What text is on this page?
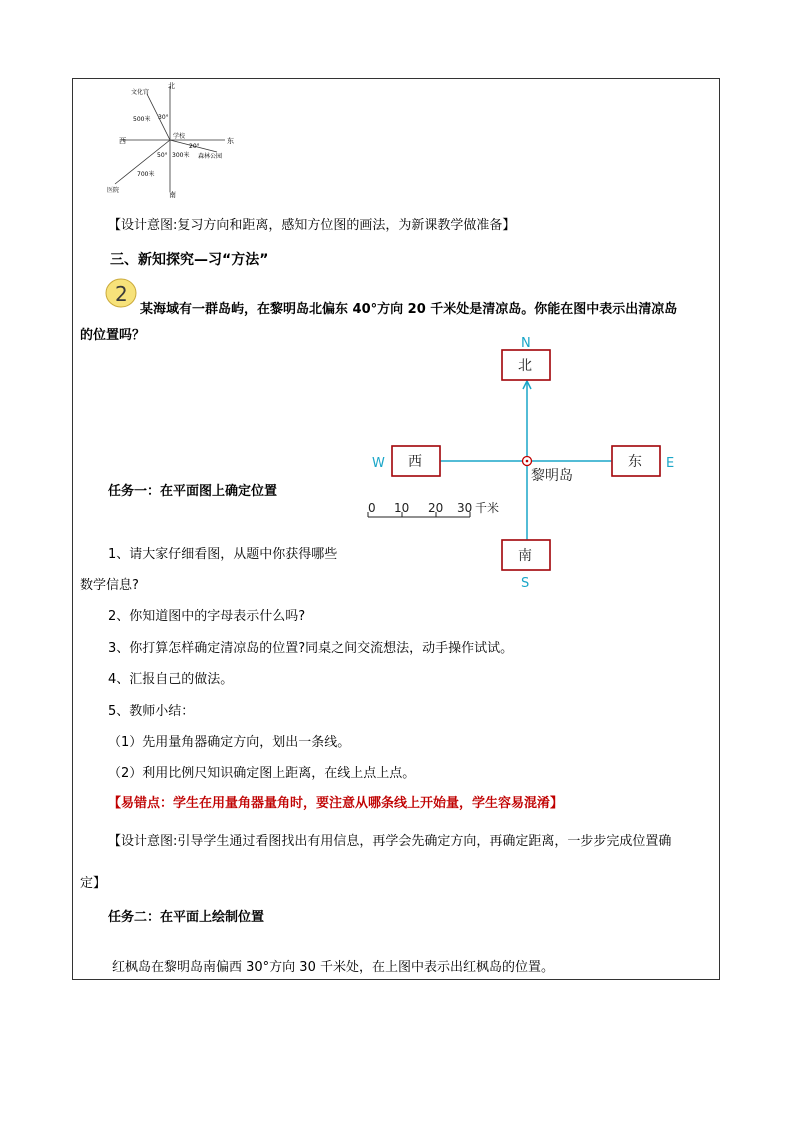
北
南
东
西
文化宫
学校
森林公园
医院
500米
300米
700米
30°
20°
50°
【设计意图:复习方向和距离，感知方位图的画法，为新课教学做准备】
三、新知探究—习“方法”
2
某海域有一群岛屿，在黎明岛北偏东 40°方向 20 千米处是清凉岛。你能在图中表示出清凉岛
的位置吗？
北
西	东
南
N
S
E
W
黎明岛
0 10 20 30 千米
任务一：在平面图上确定位置
1、请大家仔细看图，从题中你获得哪些
数学信息?
2、你知道图中的字母表示什么吗?
3、你打算怎样确定清凉岛的位置?同桌之间交流想法，动手操作试试。
4、汇报自己的做法。
5、教师小结：
（1）先用量角器确定方向，划出一条线。
（2）利用比例尺知识确定图上距离，在线上点上点。
【易错点：学生在用量角器量角时，要注意从哪条线上开始量，学生容易混淆】
【设计意图:引导学生通过看图找出有用信息，再学会先确定方向，再确定距离，一步步完成位置确
定】
任务二：在平面上绘制位置
红枫岛在黎明岛南偏西 30°方向 30 千米处，在上图中表示出红枫岛的位置。
